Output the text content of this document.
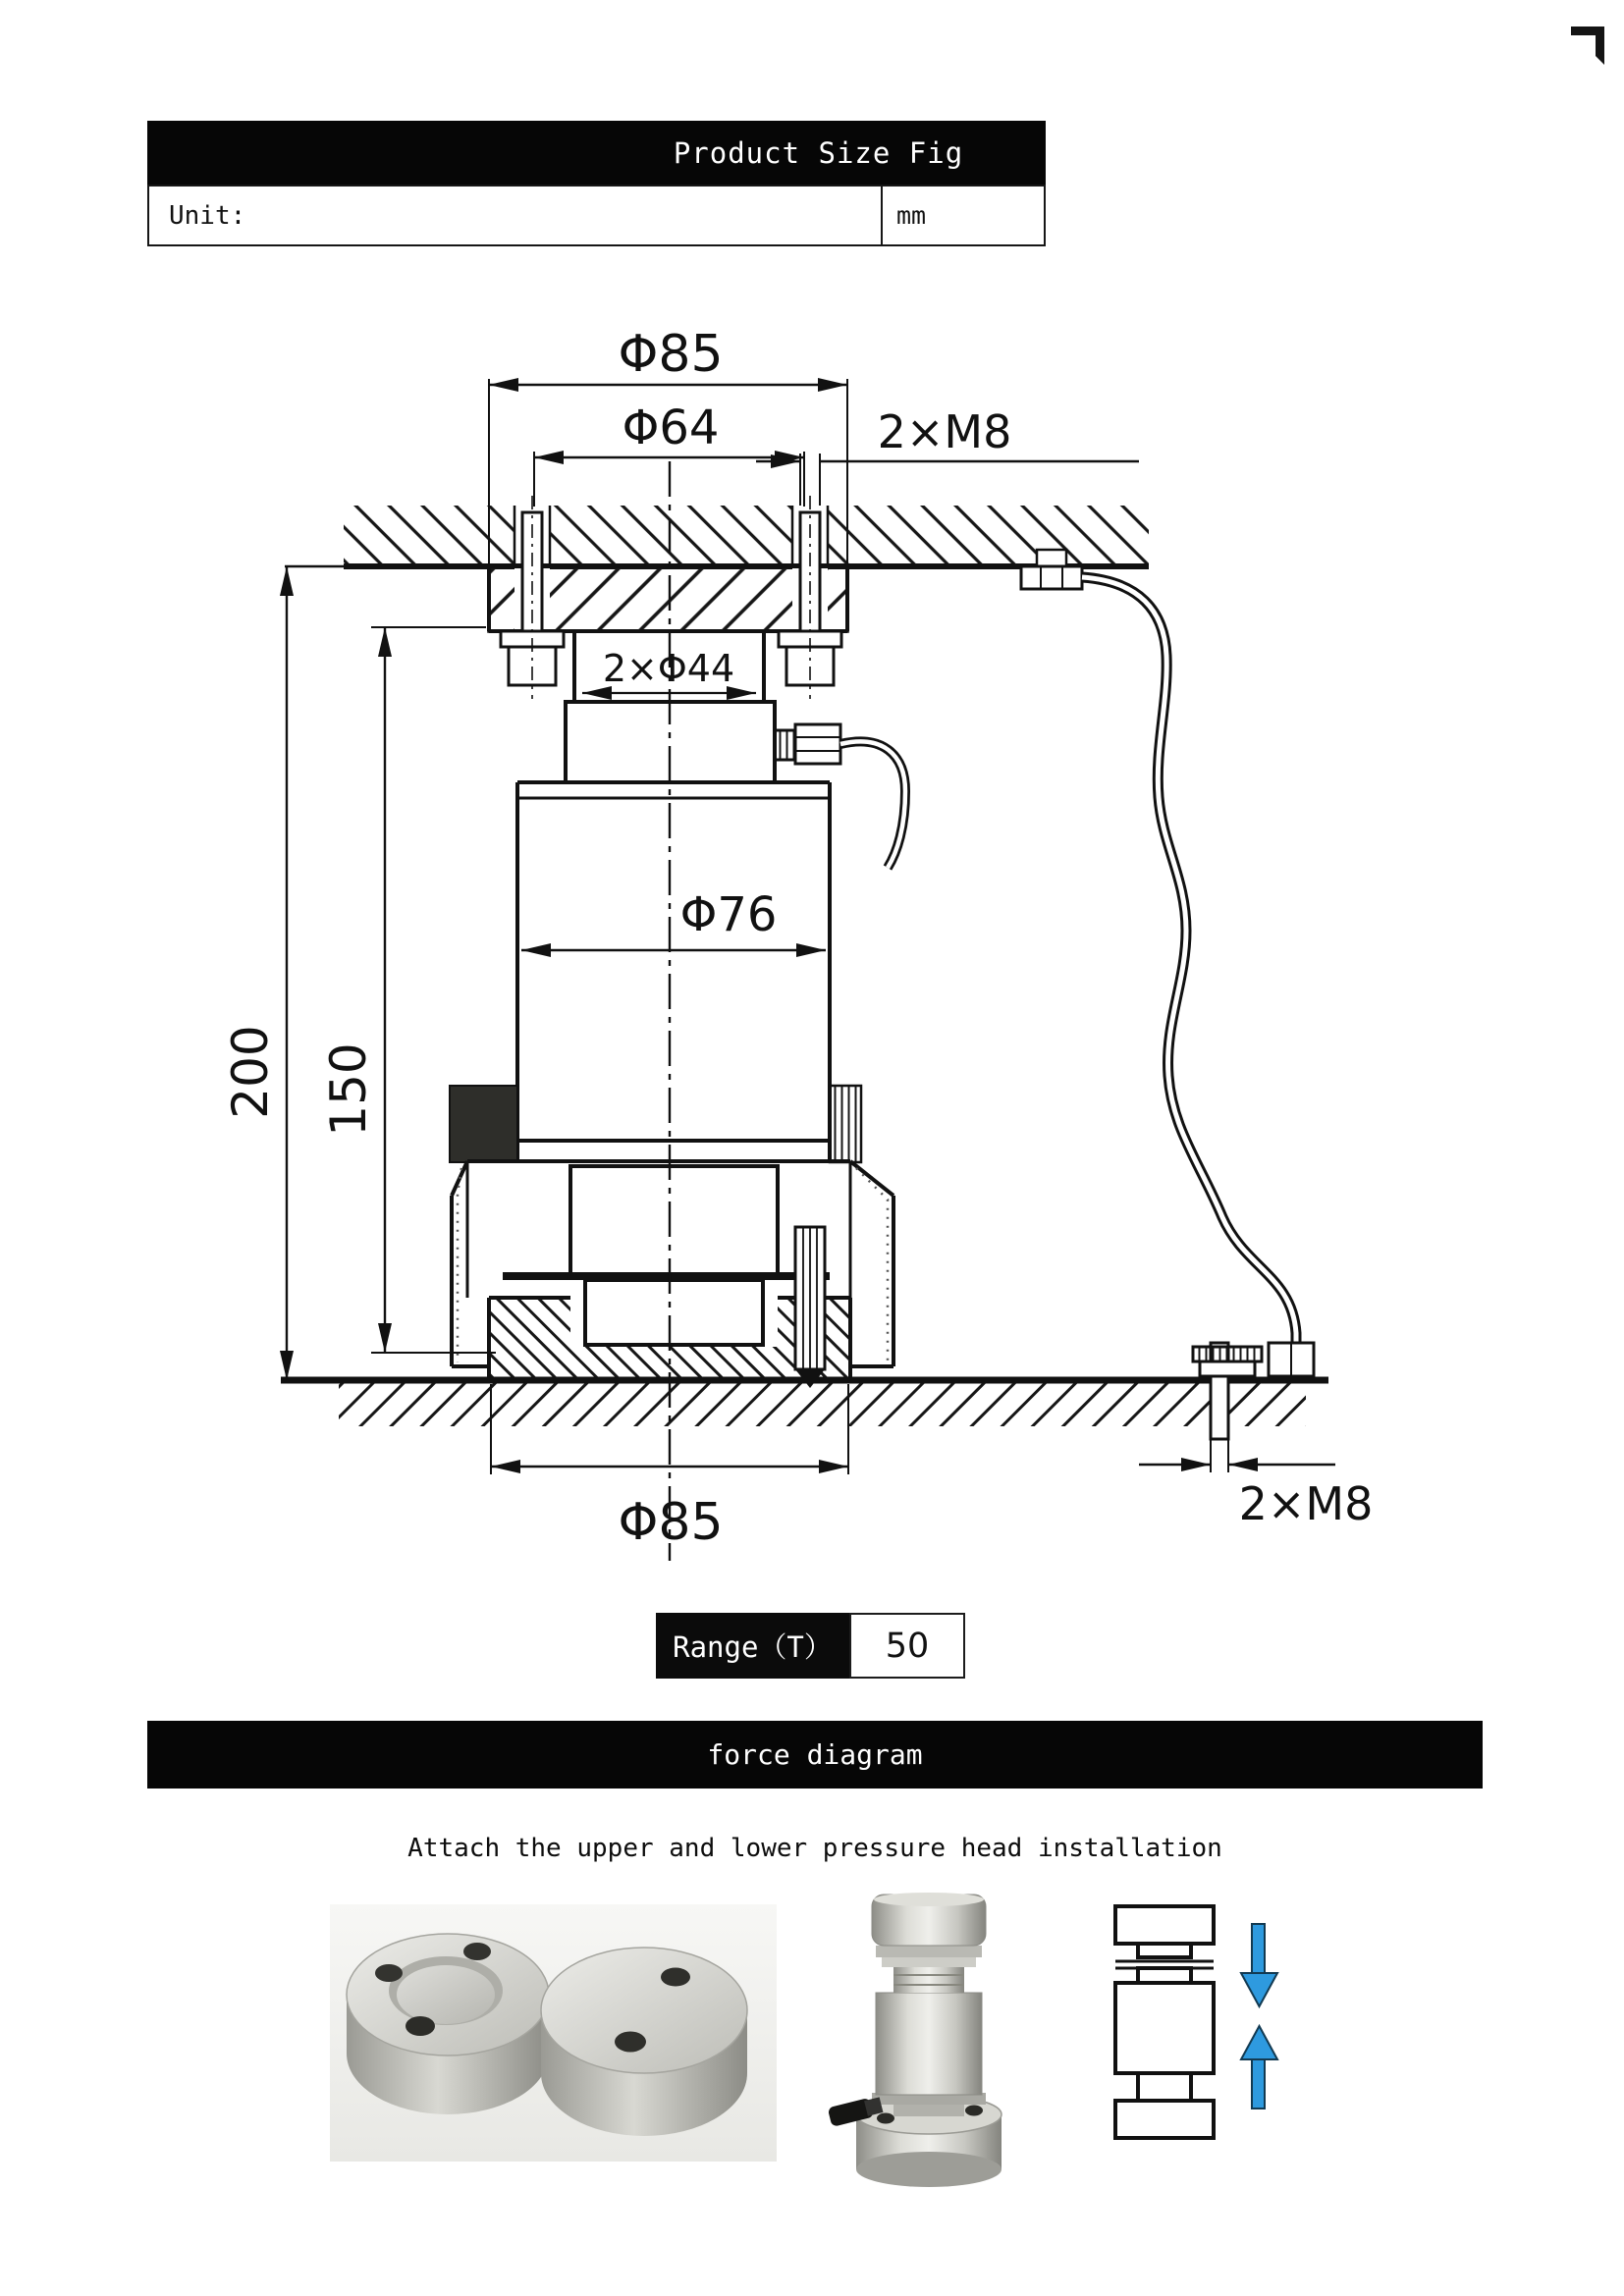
Product Size Fig
Unit:	mm
Φ85
Φ64	2×M8
2×Φ44
Φ76
200 150
Φ85	2×M8
Range（T）	50
force diagram
Attach the upper and lower pressure head installation
